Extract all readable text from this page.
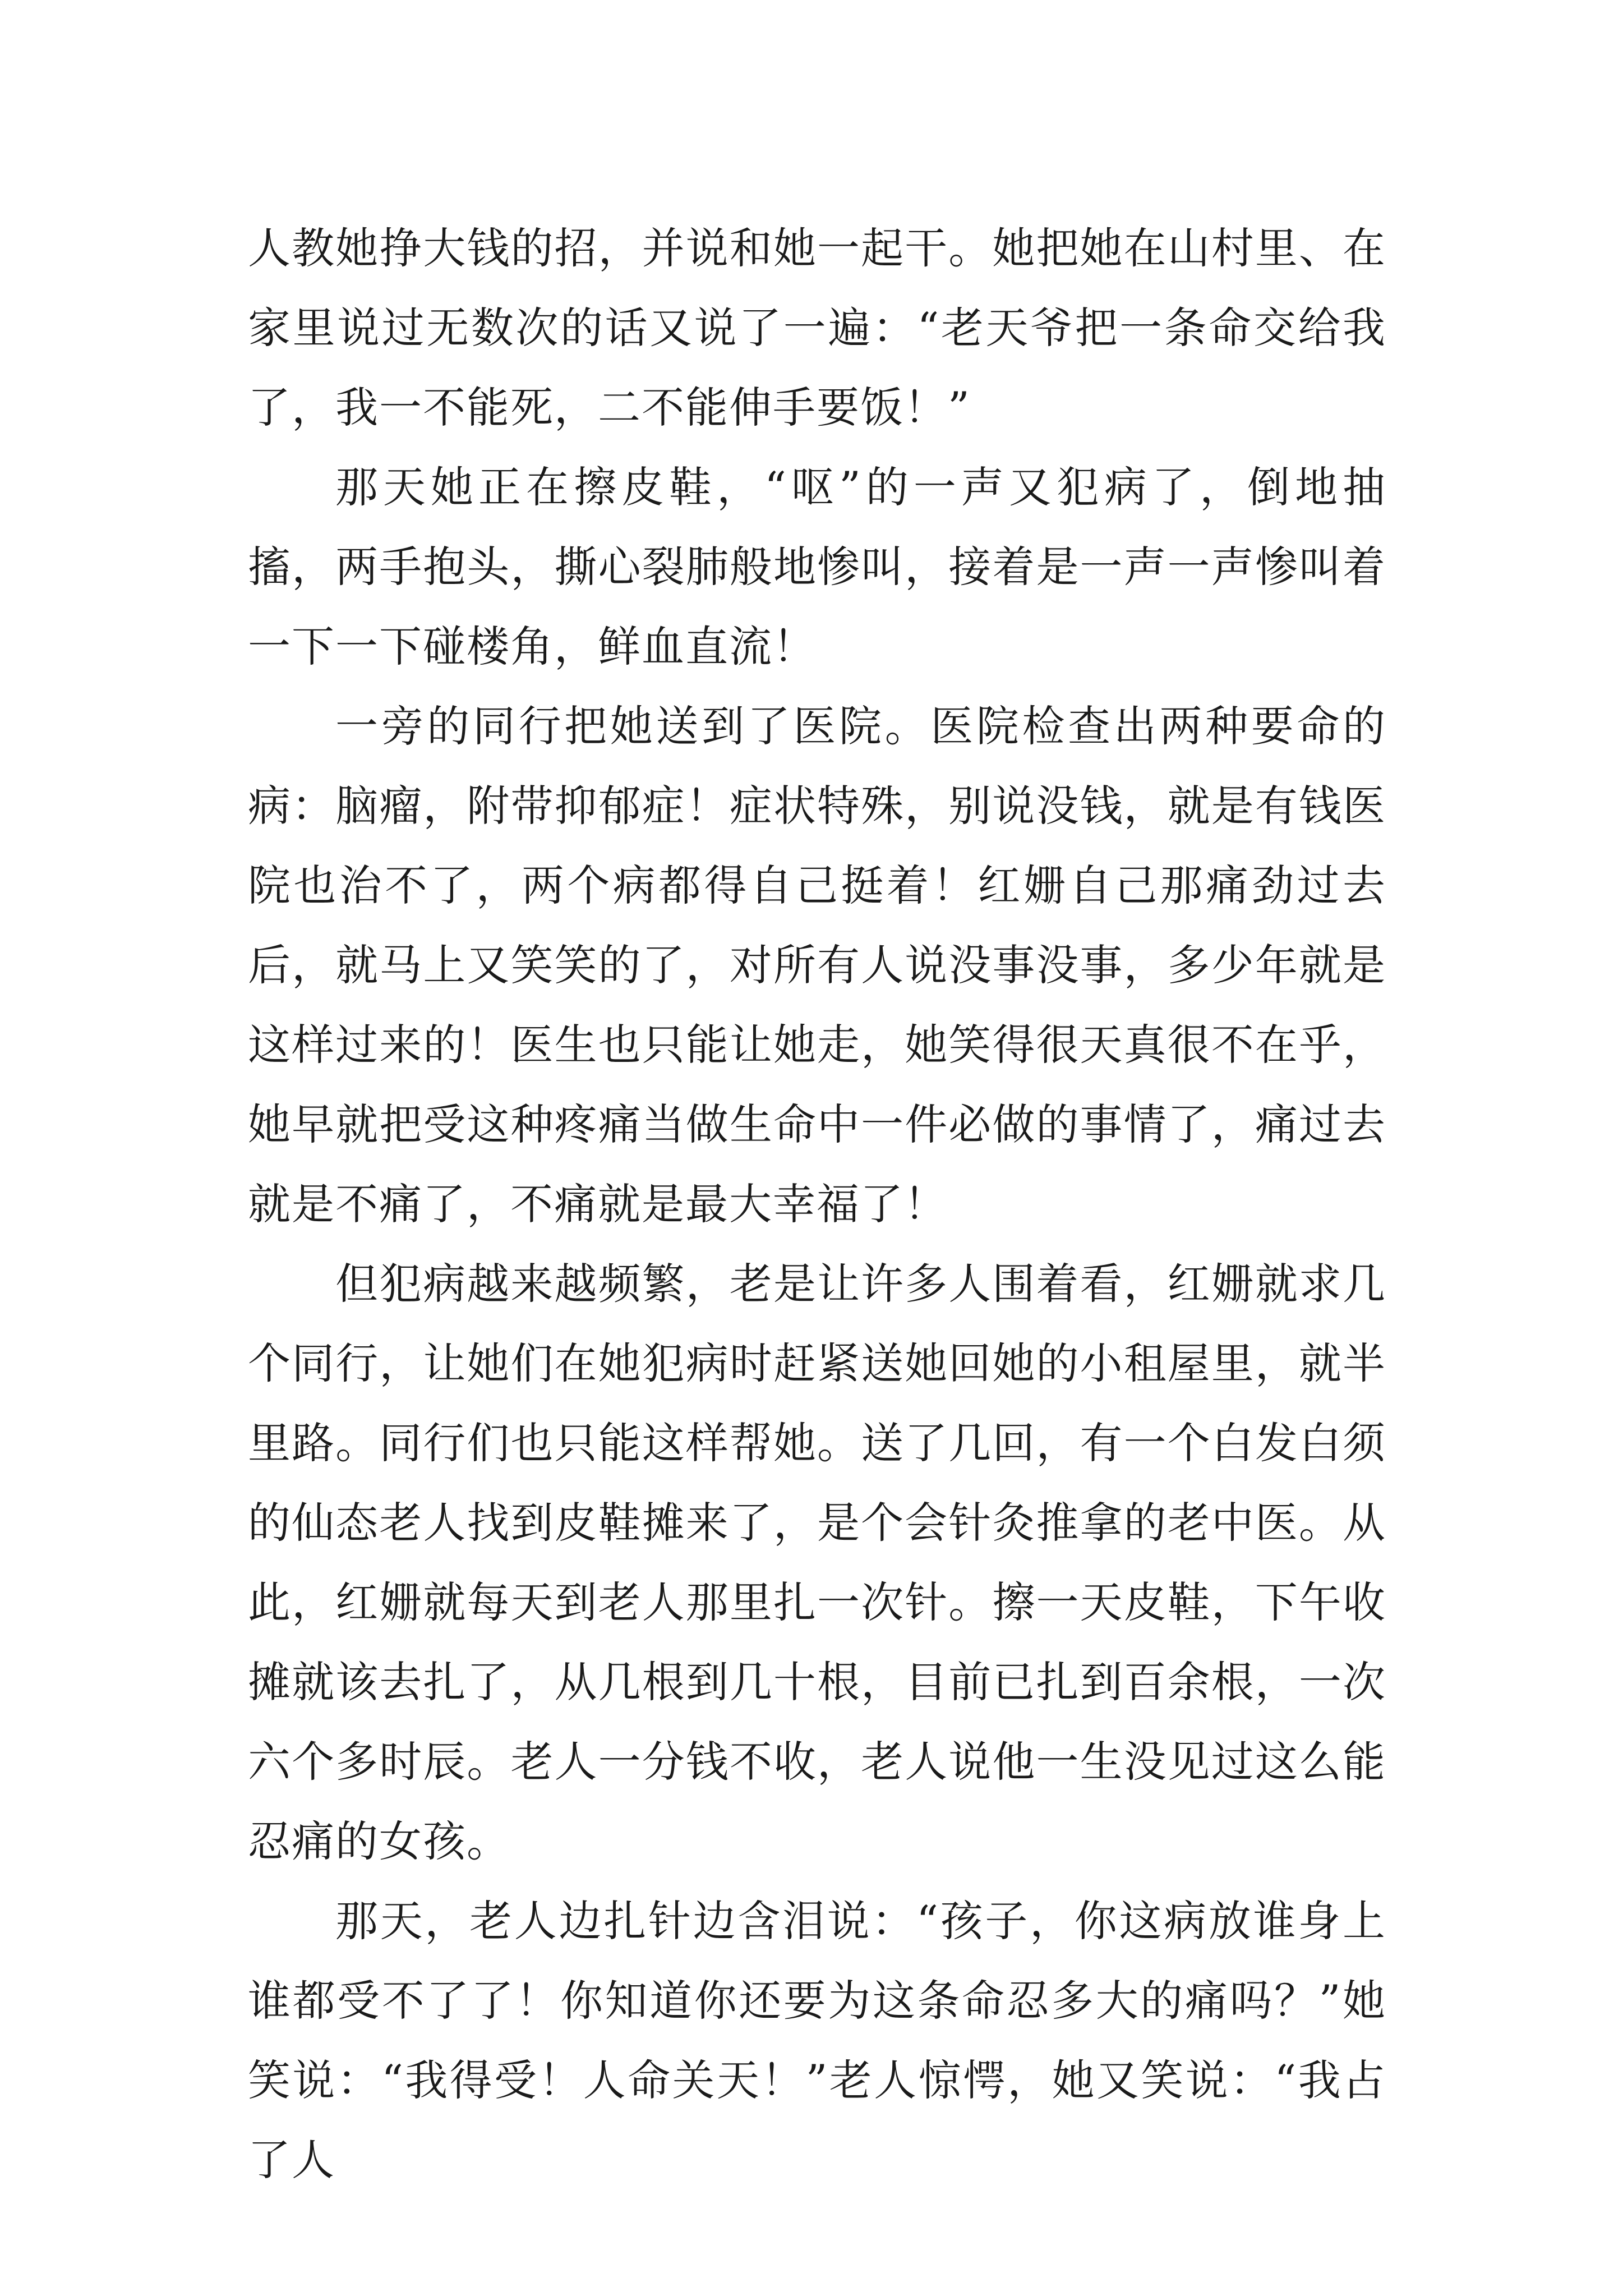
人教她挣大钱的招，并说和她一起干。她把她在山村里、在家里说过无数次的话又说了一遍：“老天爷把一条命交给我了，我一不能死，二不能伸手要饭！”

那天她正在擦皮鞋，“呕”的一声又犯病了，倒地抽搐，两手抱头，撕心裂肺般地惨叫，接着是一声一声惨叫着一下一下碰楼角，鲜血直流！

一旁的同行把她送到了医院。医院检查出两种要命的病：脑瘤，附带抑郁症！症状特殊，别说没钱，就是有钱医院也治不了，两个病都得自己挺着！红姗自己那痛劲过去后，就马上又笑笑的了，对所有人说没事没事，多少年就是这样过来的！医生也只能让她走，她笑得很天真很不在乎，她早就把受这种疼痛当做生命中一件必做的事情了，痛过去就是不痛了，不痛就是最大幸福了！

但犯病越来越频繁，老是让许多人围着看，红姗就求几个同行，让她们在她犯病时赶紧送她回她的小租屋里，就半里路。同行们也只能这样帮她。送了几回，有一个白发白须的仙态老人找到皮鞋摊来了，是个会针灸推拿的老中医。从此，红姗就每天到老人那里扎一次针。擦一天皮鞋，下午收摊就该去扎了，从几根到几十根，目前已扎到百余根，一次六个多时辰。老人一分钱不收，老人说他一生没见过这么能忍痛的女孩。

那天，老人边扎针边含泪说：“孩子，你这病放谁身上谁都受不了了！你知道你还要为这条命忍多大的痛吗？”她笑说：“我得受！人命关天！”老人惊愕，她又笑说：“我占了人
